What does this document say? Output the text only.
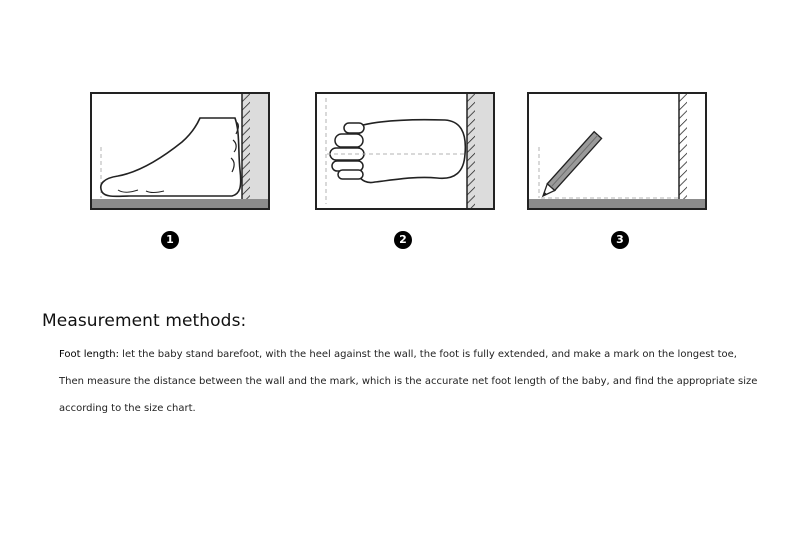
1	2	3
Measurement methods:
Foot length: let the baby stand barefoot, with the heel against the wall, the foot is fully extended, and make a mark on the longest toe,
Then measure the distance between the wall and the mark, which is the accurate net foot length of the baby, and find the appropriate size
according to the size chart.
